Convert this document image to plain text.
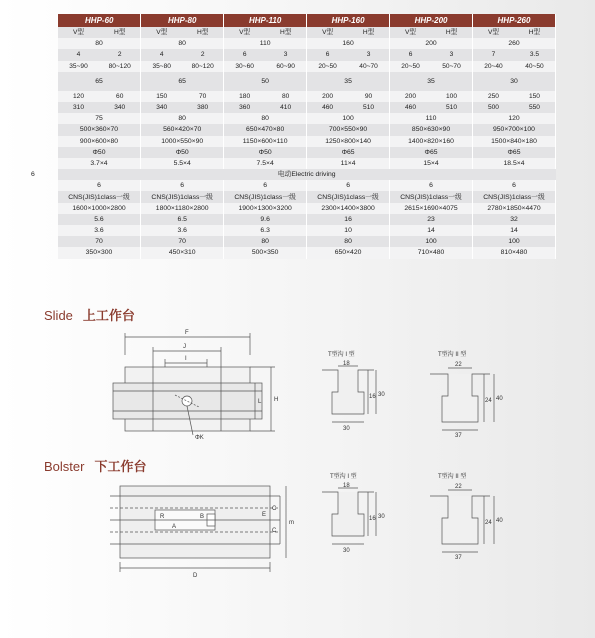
	HHP-60		HHP-80		HHP-110		HHP-160		HHP-200		HHP-260	
	V型	H型	V型	H型	V型	H型	V型	H型	V型	H型	V型	H型
	80		80		110		160		200		260	
	4	2	4	2	6	3	6	3	6	3	7	3.5
	35~90	80~120	35~80	80~120	30~60	60~90	20~50	40~70	20~50	50~70	20~40	40~50
	65		65		50		35		35		30	
	120	60	150	70	180	80	200	90	200	100	250	150
	310	340	340	380	360	410	460	510	460	510	500	550
	75		80		80		100		110		120	
	500×360×70		560×420×70		650×470×80		700×550×90		850×630×90		950×700×100	
	900×600×80		1000×550×90		1150×600×110		1250×800×140		1400×820×160		1500×840×180	
	Φ50		Φ50		Φ50		Φ65		Φ65		Φ65	
	3.7×4		5.5×4		7.5×4		11×4		15×4		18.5×4	
6	电动Electric driving											
	6		6		6		6		6		6	
	CNS(JIS)1class一级		CNS(JIS)1class一级		CNS(JIS)1class一级		CNS(JIS)1class一级		CNS(JIS)1class一级		CNS(JIS)1class一级	
	1600×1000×2800		1800×1180×2800		1900×1300×3200		2300×1400×3800		2615×1690×4075		2780×1850×4470	
	5.6		6.5		9.6		16		23		32	
	3.6		3.6		6.3		10		14		14	
	70		70		80		80		100		100	
	350×300		450×310		500×350		650×420		710×480		810×480	
Slide 上工作台
F
J
I
L H
ΦK
T型沟 I 型
18
30
16 30
T型沟 II 型
22
37
24 40
Bolster 下工作台
R
A
B
C
C
E
m
D
T型沟 I 型
18
30
16 30
T型沟 II 型
22
37
24 40
